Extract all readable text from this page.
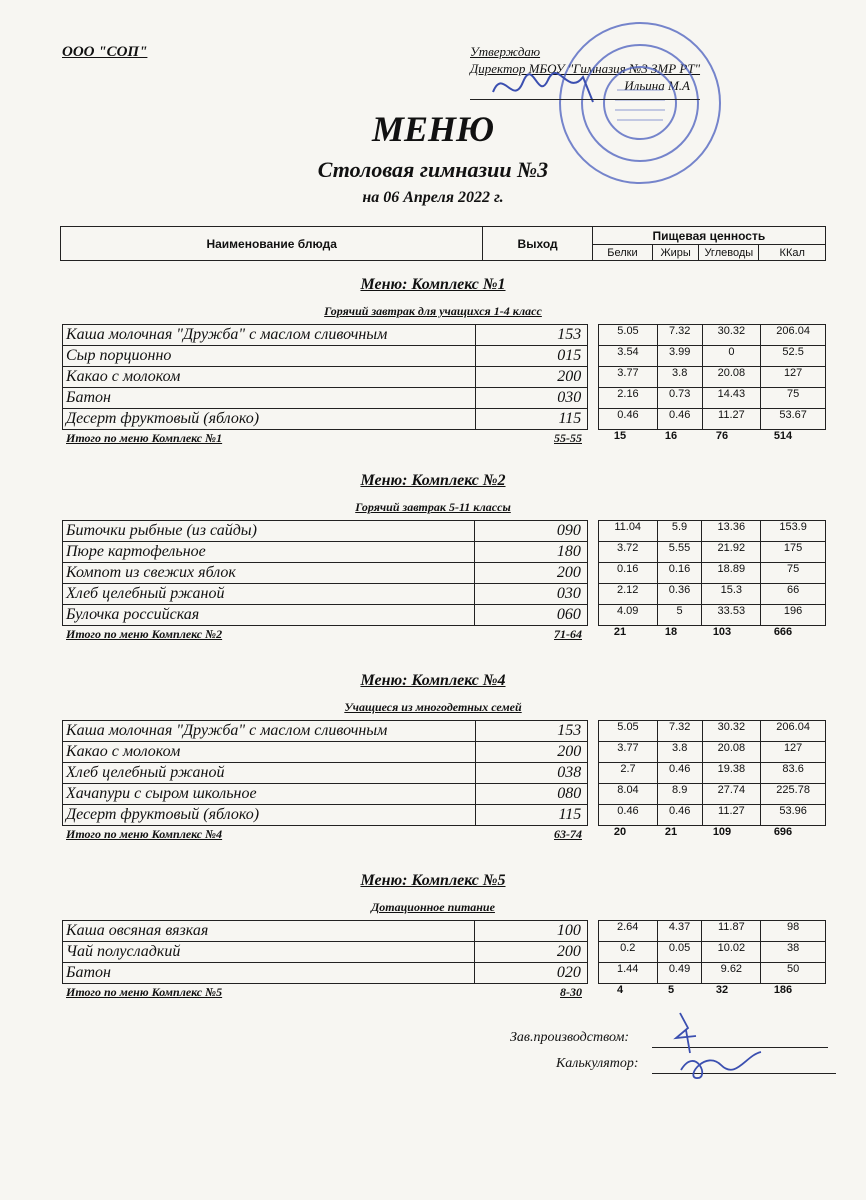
ООО "СОП"	Утверждаю
Директор МБОУ "Гимназия №3 ЗМР РТ"
Ильина М.А
МЕНЮ
Столовая гимназии №3
на 06 Апреля 2022 г.
Наименование блюда	Выход	Пищевая ценность			
		Белки	Жиры	Углеводы	ККал
Меню: Комплекс №1
Горячий завтрак для учащихся 1-4 класс
Каша молочная "Дружба" с маслом сливочным	153		5.05	7.32	30.32	206.04
Сыр порционно	015		3.54	3.99	0	52.5
Какао с молоком	200		3.77	3.8	20.08	127
Батон	030		2.16	0.73	14.43	75
Десерт фруктовый (яблоко)	115		0.46	0.46	11.27	53.67
Итого по меню Комплекс №1	55-55	15	16	76	514
Меню: Комплекс №2
Горячий завтрак 5-11 классы
Биточки рыбные (из сайды)	090		11.04	5.9	13.36	153.9
Пюре картофельное	180		3.72	5.55	21.92	175
Компот из свежих яблок	200		0.16	0.16	18.89	75
Хлеб целебный ржаной	030		2.12	0.36	15.3	66
Булочка российская	060		4.09	5	33.53	196
Итого по меню Комплекс №2	71-64	21	18	103	666
Меню: Комплекс №4
Учащиеся из многодетных семей
Каша молочная "Дружба" с маслом сливочным	153		5.05	7.32	30.32	206.04
Какао с молоком	200		3.77	3.8	20.08	127
Хлеб целебный ржаной	038		2.7	0.46	19.38	83.6
Хачапури с сыром школьное	080		8.04	8.9	27.74	225.78
Десерт фруктовый (яблоко)	115		0.46	0.46	11.27	53.96
Итого по меню Комплекс №4	63-74	20	21	109	696
Меню: Комплекс №5
Дотационное питание
Каша овсяная вязкая	100		2.64	4.37	11.87	98
Чай полусладкий	200		0.2	0.05	10.02	38
Батон	020		1.44	0.49	9.62	50
Итого по меню Комплекс №5	8-30	4	5	32	186
Зав.производством:
Калькулятор:
